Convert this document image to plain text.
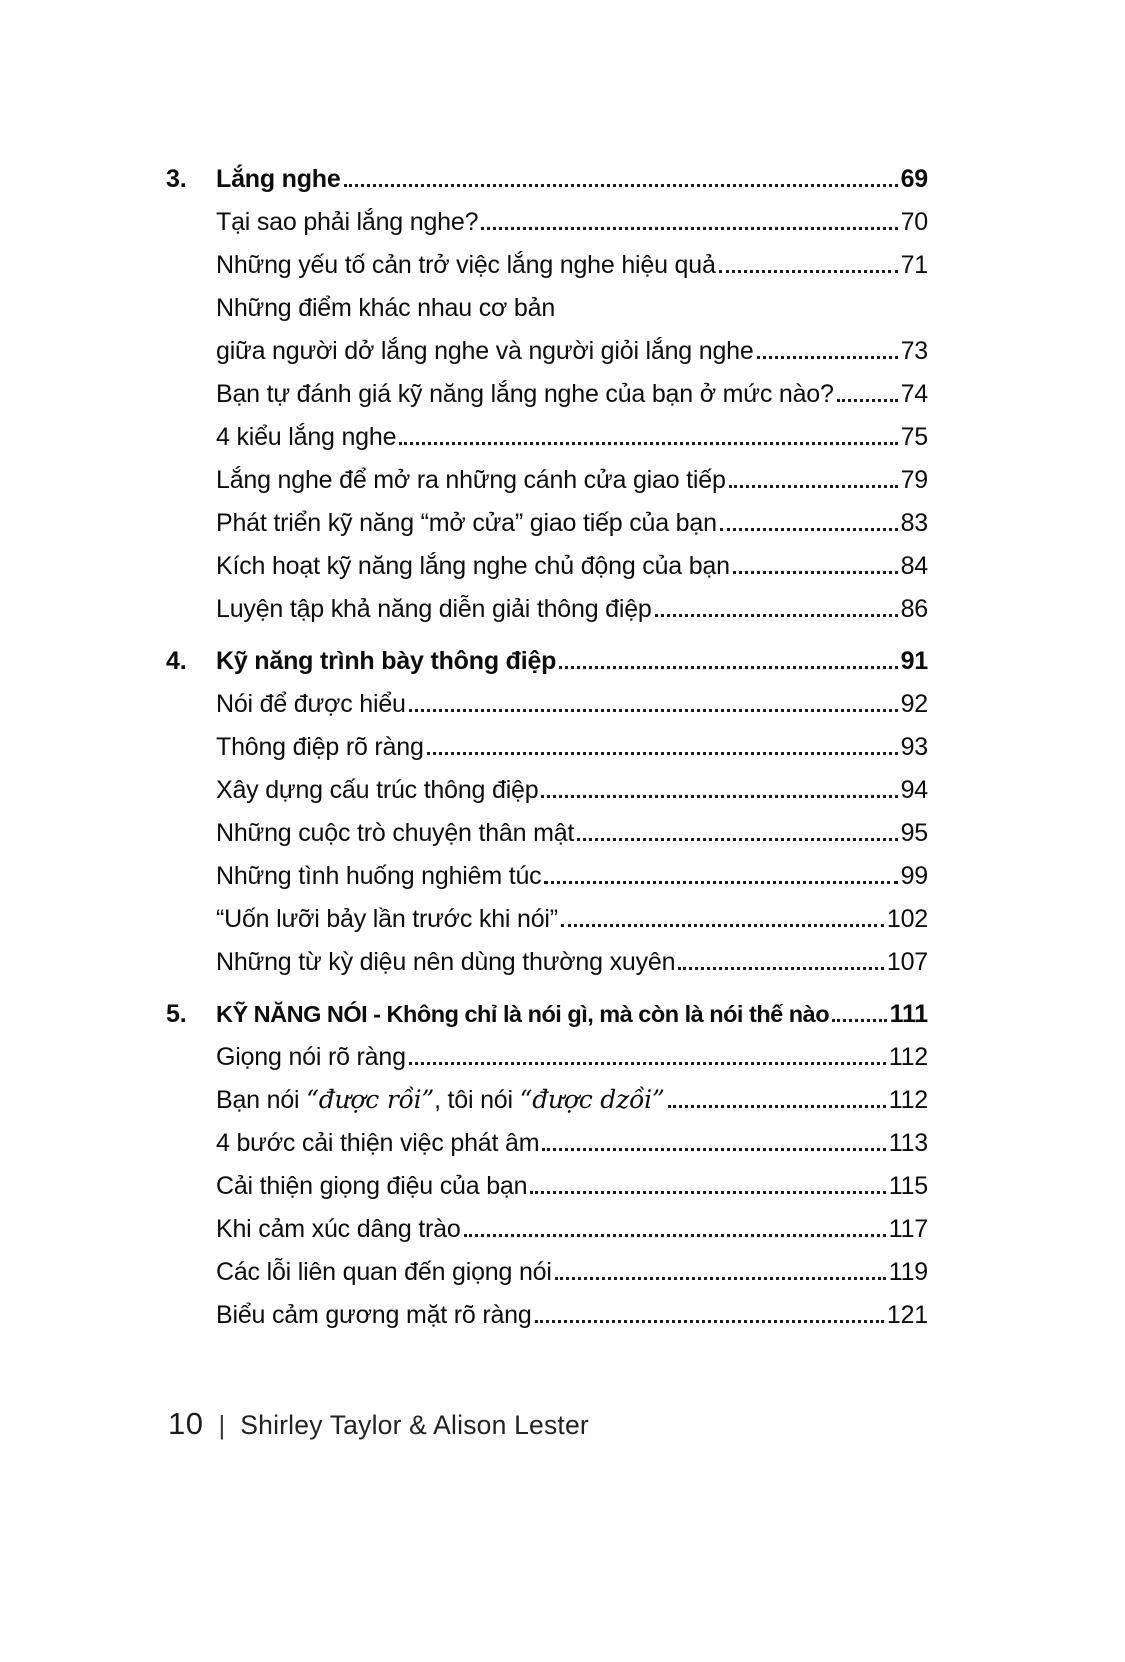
3.	Lắng nghe	69
Tại sao phải lắng nghe?	70
Những yếu tố cản trở việc lắng nghe hiệu quả	71
Những điểm khác nhau cơ bản
giữa người dở lắng nghe và người giỏi lắng nghe	73
Bạn tự đánh giá kỹ năng lắng nghe của bạn ở mức nào?	74
4 kiểu lắng nghe	75
Lắng nghe để mở ra những cánh cửa giao tiếp	79
Phát triển kỹ năng “mở cửa” giao tiếp của bạn	83
Kích hoạt kỹ năng lắng nghe chủ động của bạn	84
Luyện tập khả năng diễn giải thông điệp	86
4.	Kỹ năng trình bày thông điệp	91
Nói để được hiểu	92
Thông điệp rõ ràng	93
Xây dựng cấu trúc thông điệp	94
Những cuộc trò chuyện thân mật	95
Những tình huống nghiêm túc	99
“Uốn lưỡi bảy lần trước khi nói”	102
Những từ kỳ diệu nên dùng thường xuyên	107
5.	KỸ NĂNG NÓI - Không chỉ là nói gì, mà còn là nói thế nào 111
Giọng nói rõ ràng	112
Bạn nói “được rồi”, tôi nói “được dzồi”	112
4 bước cải thiện việc phát âm	113
Cải thiện giọng điệu của bạn	115
Khi cảm xúc dâng trào	117
Các lỗi liên quan đến giọng nói	119
Biểu cảm gương mặt rõ ràng	121
10 | Shirley Taylor & Alison Lester
